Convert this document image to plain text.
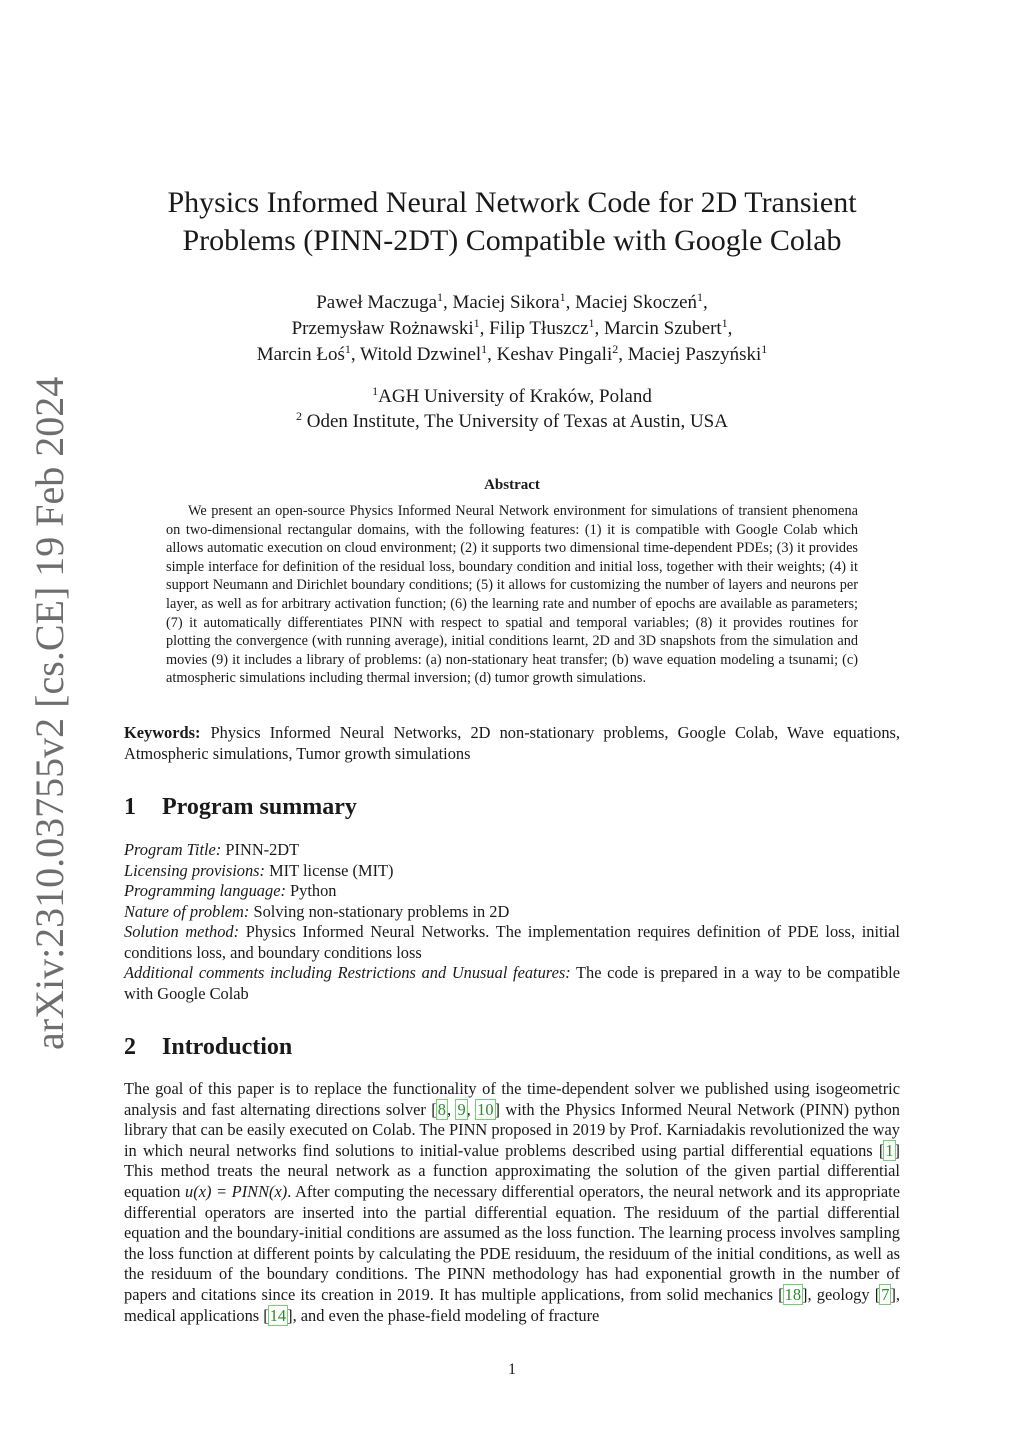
arXiv:2310.03755v2 [cs.CE] 19 Feb 2024
Physics Informed Neural Network Code for 2D Transient
Problems (PINN-2DT) Compatible with Google Colab
Paweł Maczuga$^1$, Maciej Sikora$^1$, Maciej Skoczeń$^1$,
Przemysław Rożnawski$^1$, Filip Tłuszcz$^1$, Marcin Szubert$^1$,
Marcin Łoś$^1$, Witold Dzwinel$^1$, Keshav Pingali$^2$, Maciej Paszyński$^1$
$^1$AGH University of Kraków, Poland
$^2$ Oden Institute, The University of Texas at Austin, USA
Abstract

We present an open-source Physics Informed Neural Network environment for simulations of transient phenomena on two-dimensional rectangular domains, with the following features: (1) it is compatible with Google Colab which allows automatic execution on cloud environment; (2) it supports two dimensional time-dependent PDEs; (3) it provides simple interface for definition of the residual loss, boundary condition and initial loss, together with their weights; (4) it support Neumann and Dirichlet boundary conditions; (5) it allows for customizing the number of layers and neurons per layer, as well as for arbitrary activation function; (6) the learning rate and number of epochs are available as parameters; (7) it automatically differentiates PINN with respect to spatial and temporal variables; (8) it provides routines for plotting the convergence (with running average), initial conditions learnt, 2D and 3D snapshots from the simulation and movies (9) it includes a library of problems: (a) non-stationary heat transfer; (b) wave equation modeling a tsunami; (c) atmospheric simulations including thermal inversion; (d) tumor growth simulations.

Keywords: Physics Informed Neural Networks, 2D non-stationary problems, Google Colab, Wave equations, Atmospheric simulations, Tumor growth simulations

1 Program summary

Program Title: PINN-2DT

Licensing provisions: MIT license (MIT)

Programming language: Python

Nature of problem: Solving non-stationary problems in 2D

Solution method: Physics Informed Neural Networks. The implementation requires definition of PDE loss, initial conditions loss, and boundary conditions loss

Additional comments including Restrictions and Unusual features: The code is prepared in a way to be compatible with Google Colab

2 Introduction

The goal of this paper is to replace the functionality of the time-dependent solver we published using isogeometric analysis and fast alternating directions solver [8, 9, 10] with the Physics Informed Neural Network (PINN) python library that can be easily executed on Colab. The PINN proposed in 2019 by Prof. Karniadakis revolutionized the way in which neural networks find solutions to initial-value problems described using partial differential equations [1] This method treats the neural network as a function approximating the solution of the given partial differential equation u(x) = PINN(x). After computing the necessary differential operators, the neural network and its appropriate differential operators are inserted into the partial differential equation. The residuum of the partial differential equation and the boundary-initial conditions are assumed as the loss function. The learning process involves sampling the loss function at different points by calculating the PDE residuum, the residuum of the initial conditions, as well as the residuum of the boundary conditions. The PINN methodology has had exponential growth in the number of papers and citations since its creation in 2019. It has multiple applications, from solid mechanics [18], geology [7], medical applications [14], and even the phase-field modeling of fracture

1
